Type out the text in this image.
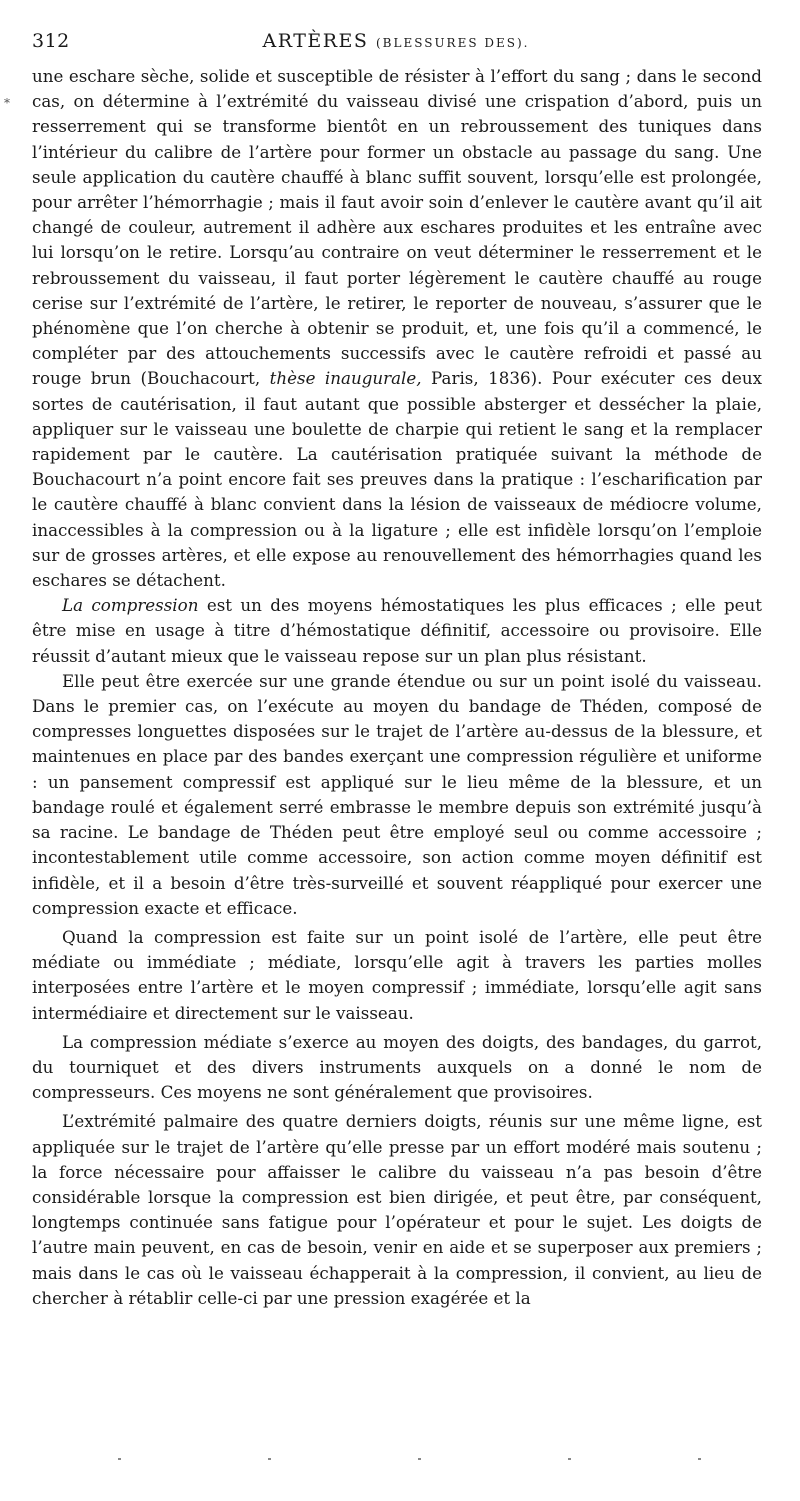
312	ARTÈRES (BLESSURES DES).
*

une eschare sèche, solide et susceptible de résister à l’effort du sang ; dans le second cas, on détermine à l’extrémité du vaisseau divisé une crispation d’abord, puis un resserrement qui se transforme bientôt en un rebroussement des tuniques dans l’intérieur du calibre de l’artère pour former un obstacle au passage du sang. Une seule application du cautère chauffé à blanc suffit souvent, lorsqu’elle est prolongée, pour arrêter l’hémorrhagie ; mais il faut avoir soin d’enlever le cautère avant qu’il ait changé de couleur, autrement il adhère aux eschares produites et les entraîne avec lui lorsqu’on le retire. Lorsqu’au contraire on veut déterminer le resserrement et le rebroussement du vaisseau, il faut porter légèrement le cautère chauffé au rouge cerise sur l’extrémité de l’artère, le retirer, le reporter de nouveau, s’assurer que le phénomène que l’on cherche à obtenir se produit, et, une fois qu’il a commencé, le compléter par des attouchements successifs avec le cautère refroidi et passé au rouge brun (Bouchacourt, thèse inaugurale, Paris, 1836). Pour exécuter ces deux sortes de cautérisation, il faut autant que possible absterger et dessécher la plaie, appliquer sur le vaisseau une boulette de charpie qui retient le sang et la remplacer rapidement par le cautère. La cautérisation pratiquée suivant la méthode de Bouchacourt n’a point encore fait ses preuves dans la pratique : l’escharification par le cautère chauffé à blanc convient dans la lésion de vaisseaux de médiocre volume, inaccessibles à la compression ou à la ligature ; elle est infidèle lorsqu’on l’emploie sur de grosses artères, et elle expose au renouvellement des hémorrhagies quand les eschares se détachent.

La compression est un des moyens hémostatiques les plus efficaces ; elle peut être mise en usage à titre d’hémostatique définitif, accessoire ou provisoire. Elle réussit d’autant mieux que le vaisseau repose sur un plan plus résistant.

Elle peut être exercée sur une grande étendue ou sur un point isolé du vaisseau. Dans le premier cas, on l’exécute au moyen du bandage de Théden, composé de compresses longuettes disposées sur le trajet de l’artère au-dessus de la blessure, et maintenues en place par des bandes exerçant une compression régulière et uniforme : un pansement compressif est appliqué sur le lieu même de la blessure, et un bandage roulé et également serré embrasse le membre depuis son extrémité jusqu’à sa racine. Le bandage de Théden peut être employé seul ou comme accessoire ; incontestablement utile comme accessoire, son action comme moyen définitif est infidèle, et il a besoin d’être très-surveillé et souvent réappliqué pour exercer une compression exacte et efficace.

Quand la compression est faite sur un point isolé de l’artère, elle peut être médiate ou immédiate ; médiate, lorsqu’elle agit à travers les parties molles interposées entre l’artère et le moyen compressif ; immédiate, lorsqu’elle agit sans intermédiaire et directement sur le vaisseau.

La compression médiate s’exerce au moyen des doigts, des bandages, du garrot, du tourniquet et des divers instruments auxquels on a donné le nom de compresseurs. Ces moyens ne sont généralement que provisoires.

L’extrémité palmaire des quatre derniers doigts, réunis sur une même ligne, est appliquée sur le trajet de l’artère qu’elle presse par un effort modéré mais soutenu ; la force nécessaire pour affaisser le calibre du vaisseau n’a pas besoin d’être considérable lorsque la compression est bien dirigée, et peut être, par conséquent, longtemps continuée sans fatigue pour l’opérateur et pour le sujet. Les doigts de l’autre main peuvent, en cas de besoin, venir en aide et se superposer aux premiers ; mais dans le cas où le vaisseau échapperait à la compression, il convient, au lieu de chercher à rétablir celle-ci par une pression exagérée et la
